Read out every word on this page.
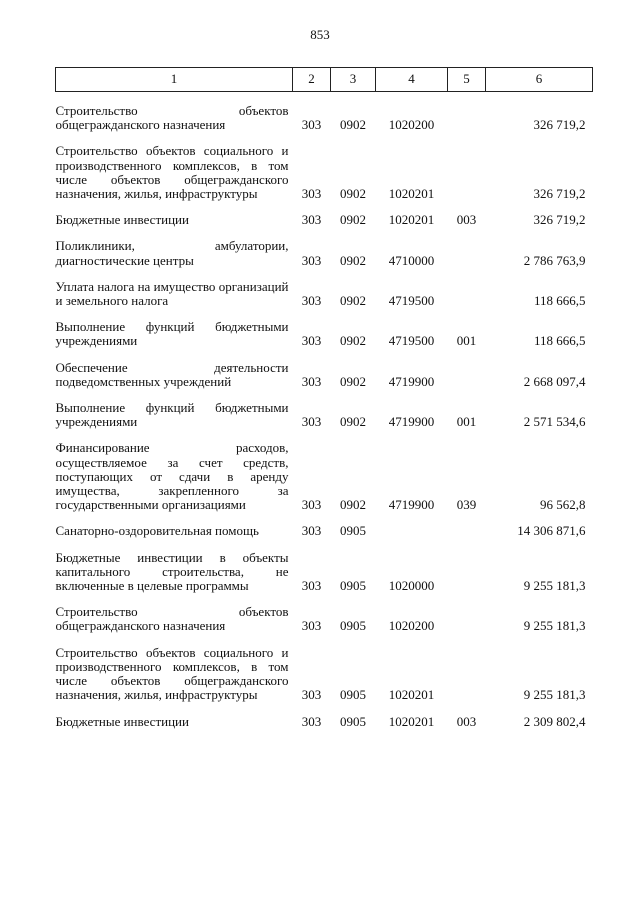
853
1	2	3	4	5	6
Строительство объектов общегражданского назначения	303	0902	1020200		326 719,2
Строительство объектов социального и производственного комплексов, в том числе объектов общегражданского назначения, жилья, инфраструктуры	303	0902	1020201		326 719,2
Бюджетные инвестиции	303	0902	1020201	003	326 719,2
Поликлиники, амбулатории, диагностические центры	303	0902	4710000		2 786 763,9
Уплата налога на имущество организаций и земельного налога	303	0902	4719500		118 666,5
Выполнение функций бюджетными учреждениями	303	0902	4719500	001	118 666,5
Обеспечение деятельности подведомственных учреждений	303	0902	4719900		2 668 097,4
Выполнение функций бюджетными учреждениями	303	0902	4719900	001	2 571 534,6
Финансирование расходов, осуществляемое за счет средств, поступающих от сдачи в аренду имущества, закрепленного за государственными организациями	303	0902	4719900	039	96 562,8
Санаторно-оздоровительная помощь	303	0905			14 306 871,6
Бюджетные инвестиции в объекты капитального строительства, не включенные в целевые программы	303	0905	1020000		9 255 181,3
Строительство объектов общегражданского назначения	303	0905	1020200		9 255 181,3
Строительство объектов социального и производственного комплексов, в том числе объектов общегражданского назначения, жилья, инфраструктуры	303	0905	1020201		9 255 181,3
Бюджетные инвестиции	303	0905	1020201	003	2 309 802,4
